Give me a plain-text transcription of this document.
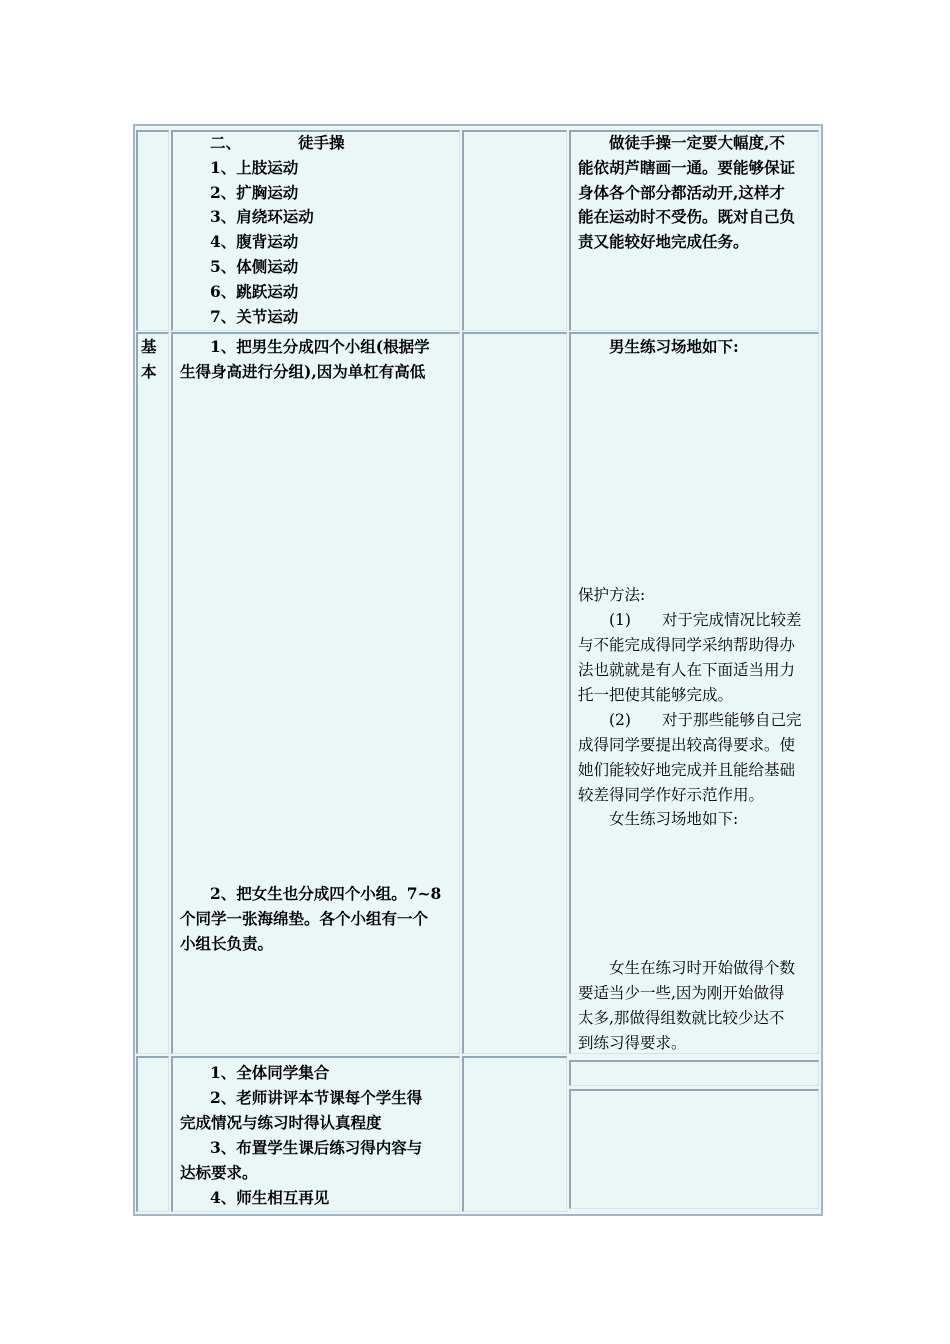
二、	徒手操
1、上肢运动
2、扩胸运动
3、肩绕环运动
4、腹背运动
5、体侧运动
6、跳跃运动
7、关节运动
做徒手操一定要大幅度,不
能依胡芦瞎画一通。要能够保证
身体各个部分都活动开,这样才
能在运动时不受伤。既对自己负
责又能较好地完成任务。
基
本
1、把男生分成四个小组(根据学
生得身高进行分组),因为单杠有高低
2、把女生也分成四个小组。7~8
个同学一张海绵垫。各个小组有一个
小组长负责。
男生练习场地如下:
保护方法:
(1)　　对于完成情况比较差
与不能完成得同学采纳帮助得办
法也就就是有人在下面适当用力
托一把使其能够完成。
(2)　　对于那些能够自己完
成得同学要提出较高得要求。使
她们能较好地完成并且能给基础
较差得同学作好示范作用。
女生练习场地如下:
女生在练习时开始做得个数
要适当少一些,因为刚开始做得
太多,那做得组数就比较少达不
到练习得要求。
1、全体同学集合
2、老师讲评本节课每个学生得
完成情况与练习时得认真程度
3、布置学生课后练习得内容与
达标要求。
4、师生相互再见
